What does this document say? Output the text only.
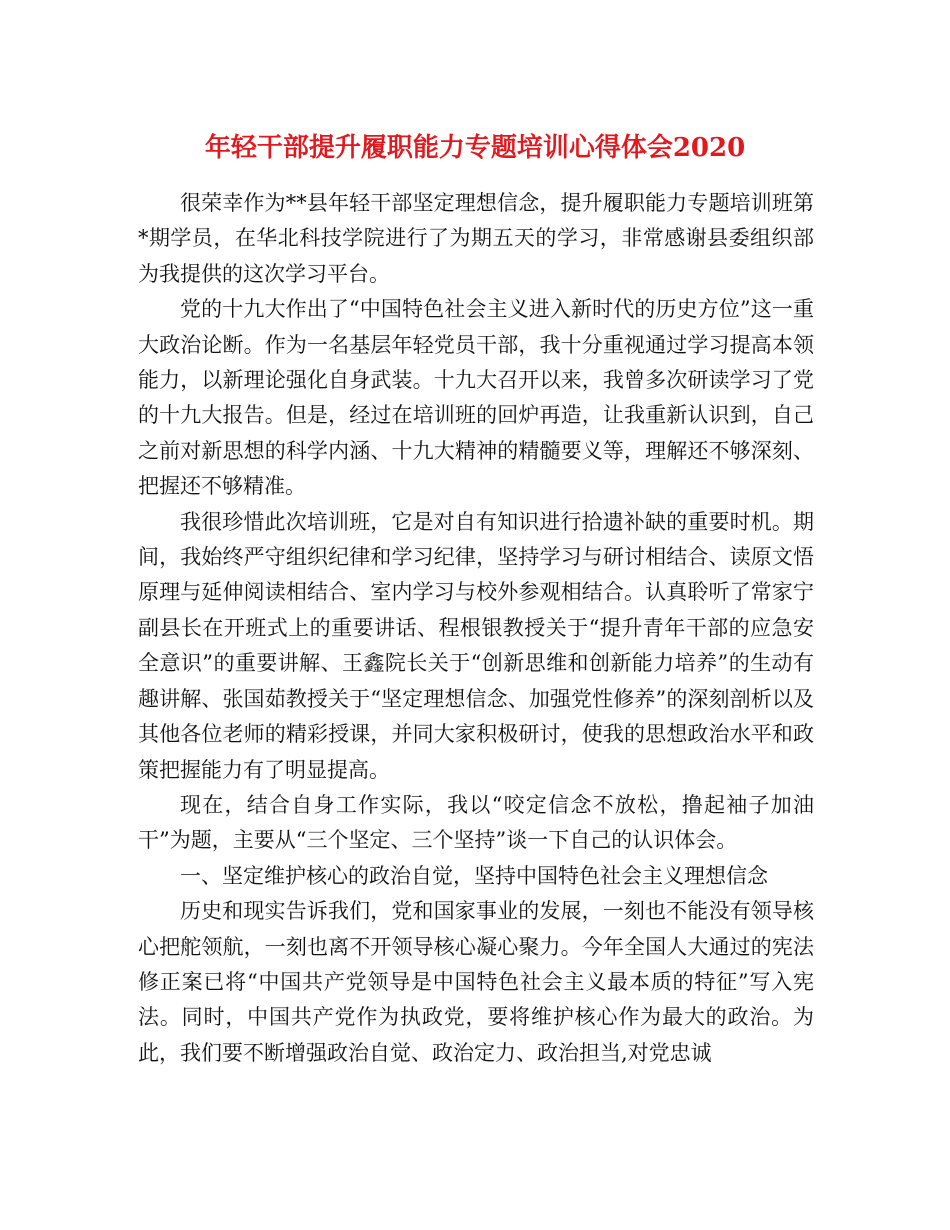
年轻干部提升履职能力专题培训心得体会2020

很荣幸作为**县年轻干部坚定理想信念，提升履职能力专题培训班第*期学员，在华北科技学院进行了为期五天的学习，非常感谢县委组织部为我提供的这次学习平台。

党的十九大作出了“中国特色社会主义进入新时代的历史方位”这一重大政治论断。作为一名基层年轻党员干部，我十分重视通过学习提高本领能力，以新理论强化自身武装。十九大召开以来，我曾多次研读学习了党的十九大报告。但是，经过在培训班的回炉再造，让我重新认识到，自己之前对新思想的科学内涵、十九大精神的精髓要义等，理解还不够深刻、把握还不够精准。

我很珍惜此次培训班，它是对自有知识进行拾遗补缺的重要时机。期间，我始终严守组织纪律和学习纪律，坚持学习与研讨相结合、读原文悟原理与延伸阅读相结合、室内学习与校外参观相结合。认真聆听了常家宁副县长在开班式上的重要讲话、程根银教授关于“提升青年干部的应急安全意识”的重要讲解、王鑫院长关于“创新思维和创新能力培养”的生动有趣讲解、张国茹教授关于“坚定理想信念、加强党性修养”的深刻剖析以及其他各位老师的精彩授课，并同大家积极研讨，使我的思想政治水平和政策把握能力有了明显提高。

现在，结合自身工作实际，我以“咬定信念不放松，撸起袖子加油干”为题，主要从“三个坚定、三个坚持”谈一下自己的认识体会。

一、坚定维护核心的政治自觉，坚持中国特色社会主义理想信念

历史和现实告诉我们，党和国家事业的发展，一刻也不能没有领导核心把舵领航，一刻也离不开领导核心凝心聚力。今年全国人大通过的宪法修正案已将“中国共产党领导是中国特色社会主义最本质的特征”写入宪法。同时，中国共产党作为执政党，要将维护核心作为最大的政治。为此，我们要不断增强政治自觉、政治定力、政治担当,对党忠诚
